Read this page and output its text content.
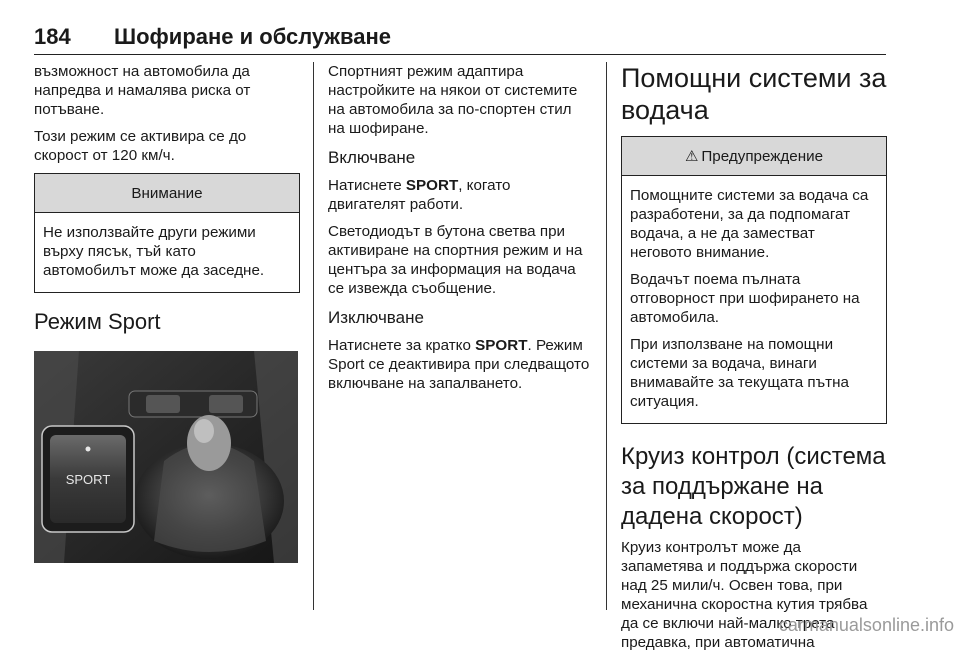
184 Шофиране и обслужване

възможност на автомобила да напредва и намалява риска от потъване.

Този режим се активира се до скорост от 120 км/ч.

Внимание

Не използвайте други режими върху пясък, тъй като автомобилът може да заседне.

Режим Sport
SPORT

Спортният режим адаптира настройките на някои от системите на автомобила за по-спортен стил на шофиране.

Включване

Натиснете SPORT, когато двигателят работи.

Светодиодът в бутона светва при активиране на спортния режим и на центъра за информация на водача се извежда съобщение.

Изключване

Натиснете за кратко SPORT. Режим Sport се деактивира при следващото включване на запалването.

Помощни системи за водача
⚠ Предупреждение

Помощните системи за водача са разработени, за да подпомагат водача, а не да заместват неговото внимание.

Водачът поема пълната отговорност при шофирането на автомобила.

При използване на помощни системи за водача, винаги внимавайте за текущата пътна ситуация.

Круиз контрол (система за поддържане на дадена скорост)

Круиз контролът може да запаметява и поддържа скорости над 25 мили/ч. Освен това, при механична скоростна кутия трябва да се включи най-малко трета предавка, при автоматична

carmanualsonline.info
